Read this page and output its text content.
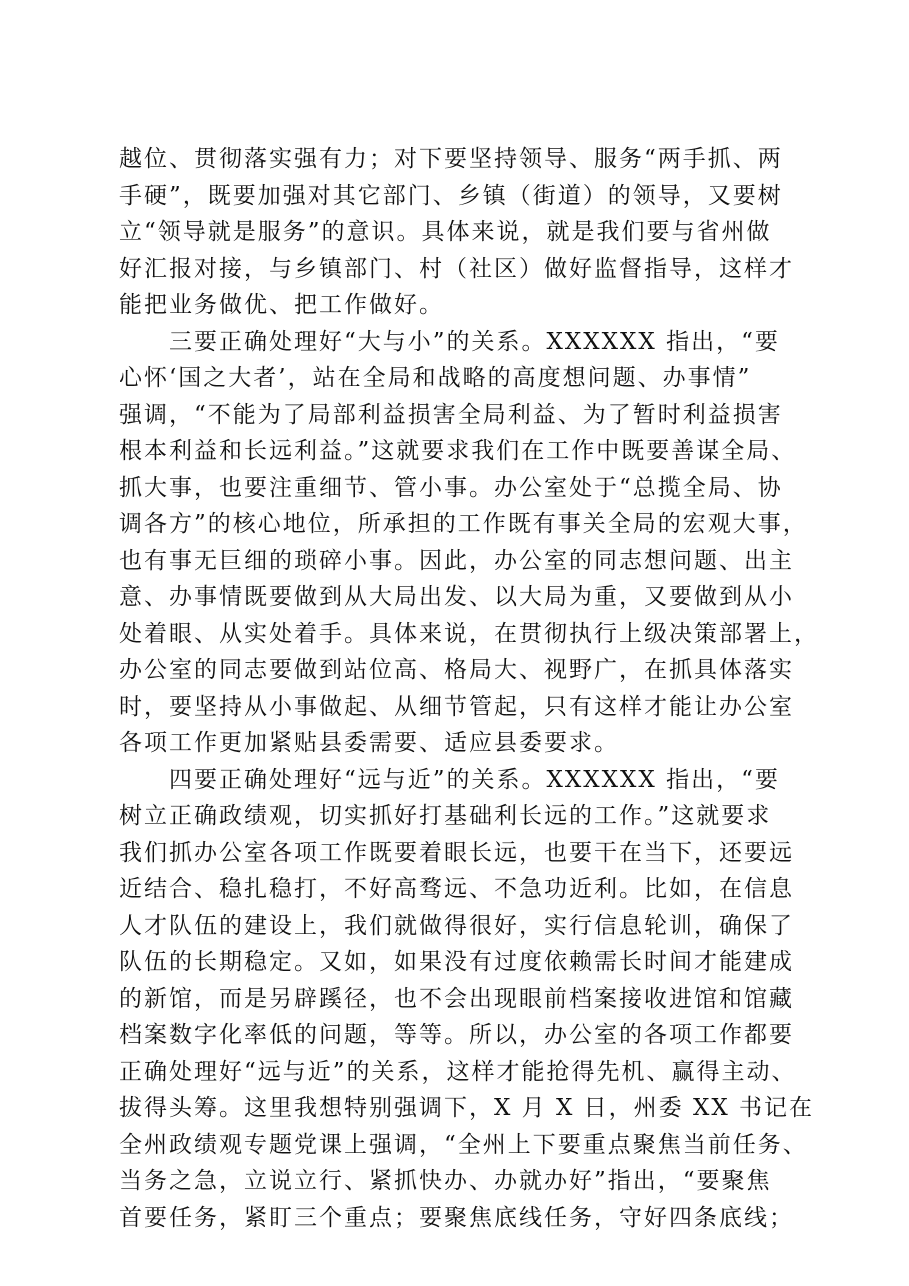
越位、贯彻落实强有力；对下要坚持领导、服务“两手抓、两
手硬”，既要加强对其它部门、乡镇（街道）的领导，又要树
立“领导就是服务”的意识。具体来说，就是我们要与省州做
好汇报对接，与乡镇部门、村（社区）做好监督指导，这样才
能把业务做优、把工作做好。
　　三要正确处理好“大与小”的关系。XXXXXX 指出，“要
心怀‘国之大者’，站在全局和战略的高度想问题、办事情”
强调，“不能为了局部利益损害全局利益、为了暂时利益损害
根本利益和长远利益。”这就要求我们在工作中既要善谋全局、
抓大事，也要注重细节、管小事。办公室处于“总揽全局、协
调各方”的核心地位，所承担的工作既有事关全局的宏观大事，
也有事无巨细的琐碎小事。因此，办公室的同志想问题、出主
意、办事情既要做到从大局出发、以大局为重，又要做到从小
处着眼、从实处着手。具体来说，在贯彻执行上级决策部署上，
办公室的同志要做到站位高、格局大、视野广，在抓具体落实
时，要坚持从小事做起、从细节管起，只有这样才能让办公室
各项工作更加紧贴县委需要、适应县委要求。
　　四要正确处理好“远与近”的关系。XXXXXX 指出，“要
树立正确政绩观，切实抓好打基础利长远的工作。”这就要求
我们抓办公室各项工作既要着眼长远，也要干在当下，还要远
近结合、稳扎稳打，不好高骛远、不急功近利。比如，在信息
人才队伍的建设上，我们就做得很好，实行信息轮训，确保了
队伍的长期稳定。又如，如果没有过度依赖需长时间才能建成
的新馆，而是另辟蹊径，也不会出现眼前档案接收进馆和馆藏
档案数字化率低的问题，等等。所以，办公室的各项工作都要
正确处理好“远与近”的关系，这样才能抢得先机、赢得主动、
拔得头筹。这里我想特别强调下，X 月 X 日，州委 XX 书记在
全州政绩观专题党课上强调，“全州上下要重点聚焦当前任务、
当务之急，立说立行、紧抓快办、办就办好”指出，“要聚焦
首要任务，紧盯三个重点；要聚焦底线任务，守好四条底线；
